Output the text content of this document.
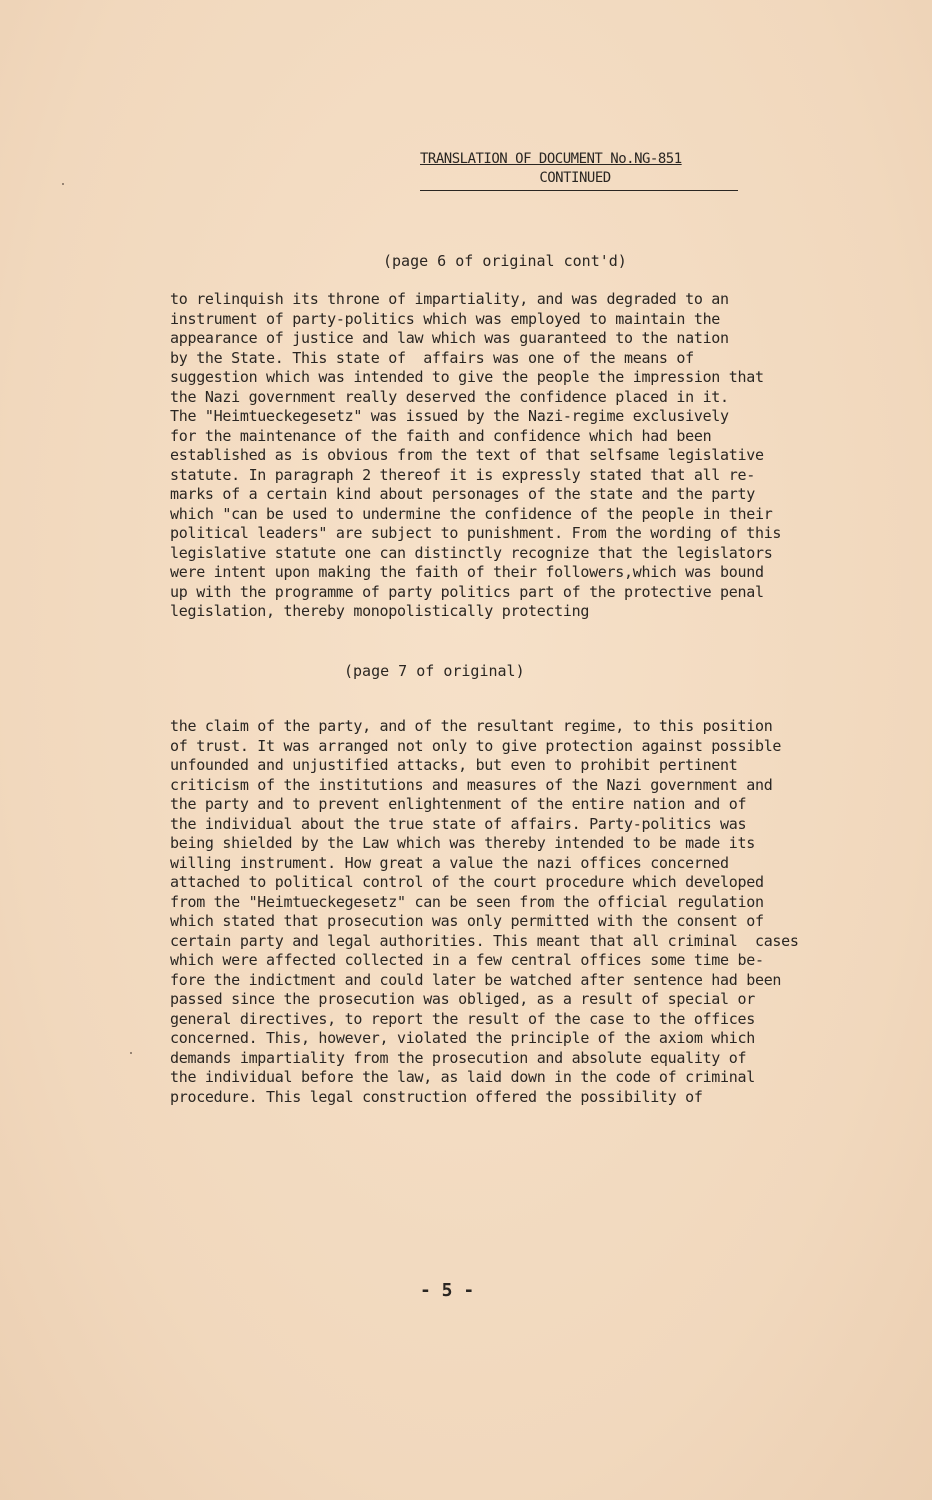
TRANSLATION OF DOCUMENT No.NG-851
CONTINUED
(page 6 of original cont'd)
to relinquish its throne of impartiality, and was degraded to an
instrument of party-politics which was employed to maintain the
appearance of justice and law which was guaranteed to the nation
by the State. This state of  affairs was one of the means of
suggestion which was intended to give the people the impression that
the Nazi government really deserved the confidence placed in it.
The "Heimtueckegesetz" was issued by the Nazi-regime exclusively
for the maintenance of the faith and confidence which had been
established as is obvious from the text of that selfsame legislative
statute. In paragraph 2 thereof it is expressly stated that all re-
marks of a certain kind about personages of the state and the party
which "can be used to undermine the confidence of the people in their
political leaders" are subject to punishment. From the wording of this
legislative statute one can distinctly recognize that the legislators
were intent upon making the faith of their followers,which was bound
up with the programme of party politics part of the protective penal
legislation, thereby monopolistically protecting
(page 7 of original)
the claim of the party, and of the resultant regime, to this position
of trust. It was arranged not only to give protection against possible
unfounded and unjustified attacks, but even to prohibit pertinent
criticism of the institutions and measures of the Nazi government and
the party and to prevent enlightenment of the entire nation and of
the individual about the true state of affairs. Party-politics was
being shielded by the Law which was thereby intended to be made its
willing instrument. How great a value the nazi offices concerned
attached to political control of the court procedure which developed
from the "Heimtueckegesetz" can be seen from the official regulation
which stated that prosecution was only permitted with the consent of
certain party and legal authorities. This meant that all criminal  cases
which were affected collected in a few central offices some time be-
fore the indictment and could later be watched after sentence had been
passed since the prosecution was obliged, as a result of special or
general directives, to report the result of the case to the offices
concerned. This, however, violated the principle of the axiom which
demands impartiality from the prosecution and absolute equality of
the individual before the law, as laid down in the code of criminal
procedure. This legal construction offered the possibility of
- 5 -
